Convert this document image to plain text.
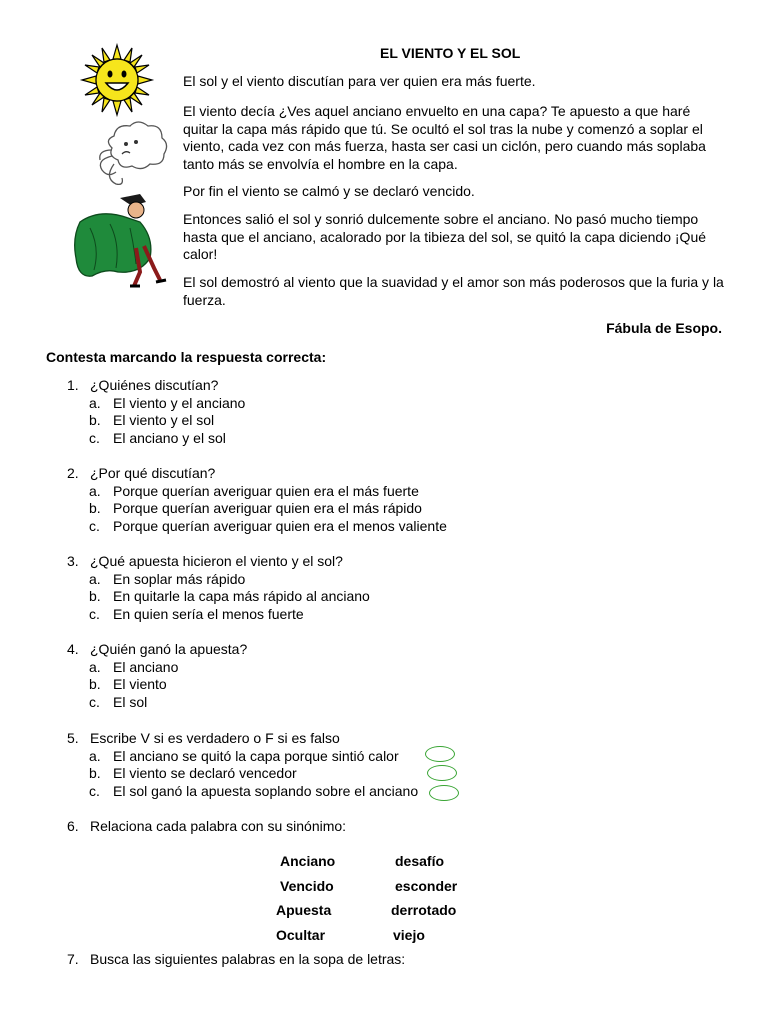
EL VIENTO Y EL SOL

El sol y el viento discutían para ver quien era más fuerte.

El viento decía ¿Ves aquel anciano envuelto en una capa? Te apuesto a que haré quitar la capa más rápido que tú. Se ocultó el sol tras la nube y comenzó a soplar el viento, cada vez con más fuerza, hasta ser casi un ciclón, pero cuando más soplaba tanto más se envolvía el hombre en la capa.

Por fin el viento se calmó y se declaró vencido.

Entonces salió el sol y sonrió dulcemente sobre el anciano. No pasó mucho tiempo hasta que el anciano, acalorado por la tibieza del sol, se quitó la capa diciendo ¡Qué calor!

El sol demostró al viento que la suavidad y el amor son más poderosos que la furia y la fuerza.

Fábula de Esopo.
Contesta marcando la respuesta correcta:
1. ¿Quiénes discutían?
a. El viento y el anciano
b. El viento y el sol
c. El anciano y el sol
2. ¿Por qué discutían?
a. Porque querían averiguar quien era el más fuerte
b. Porque querían averiguar quien era el más rápido
c. Porque querían averiguar quien era el menos valiente
3. ¿Qué apuesta hicieron el viento y el sol?
a. En soplar más rápido
b. En quitarle la capa más rápido al anciano
c. En quien sería el menos fuerte
4. ¿Quién ganó la apuesta?
a. El anciano
b. El viento
c. El sol
5. Escribe V si es verdadero o F si es falso
a. El anciano se quitó la capa porque sintió calor
b. El viento se declaró vencedor
c. El sol ganó la apuesta soplando sobre el anciano
6. Relaciona cada palabra con su sinónimo:
Anciano
Vencido
Apuesta
Ocultar
desafío
esconder
derrotado
viejo
7. Busca las siguientes palabras en la sopa de letras:
